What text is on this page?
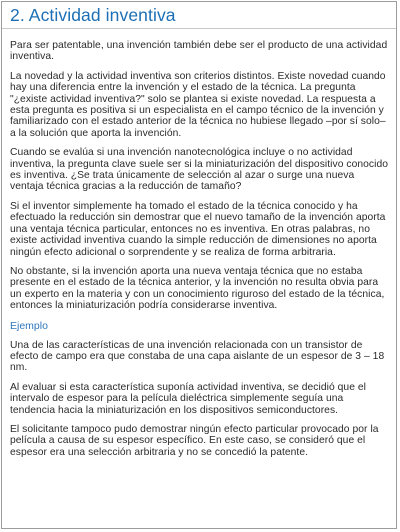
2. Actividad inventiva

Para ser patentable, una invención también debe ser el producto de una actividad inventiva.

La novedad y la actividad inventiva son criterios distintos. Existe novedad cuando hay una diferencia entre la invención y el estado de la técnica. La pregunta "¿existe actividad inventiva?" solo se plantea si existe novedad. La respuesta a esta pregunta es positiva si un especialista en el campo técnico de la invención y familiarizado con el estado anterior de la técnica no hubiese llegado –por sí solo– a la solución que aporta la invención.

Cuando se evalúa si una invención nanotecnológica incluye o no actividad inventiva, la pregunta clave suele ser si la miniaturización del dispositivo conocido es inventiva. ¿Se trata únicamente de selección al azar o surge una nueva ventaja técnica gracias a la reducción de tamaño?

Si el inventor simplemente ha tomado el estado de la técnica conocido y ha efectuado la reducción sin demostrar que el nuevo tamaño de la invención aporta una ventaja técnica particular, entonces no es inventiva. En otras palabras, no existe actividad inventiva cuando la simple reducción de dimensiones no aporta ningún efecto adicional o sorprendente y se realiza de forma arbitraria.

No obstante, si la invención aporta una nueva ventaja técnica que no estaba presente en el estado de la técnica anterior, y la invención no resulta obvia para un experto en la materia y con un conocimiento riguroso del estado de la técnica, entonces la miniaturización podría considerarse inventiva.

Ejemplo

Una de las características de una invención relacionada con un transistor de efecto de campo era que constaba de una capa aislante de un espesor de 3 – 18 nm.

Al evaluar si esta característica suponía actividad inventiva, se decidió que el intervalo de espesor para la película dieléctrica simplemente seguía una tendencia hacia la miniaturización en los dispositivos semiconductores.

El solicitante tampoco pudo demostrar ningún efecto particular provocado por la película a causa de su espesor específico. En este caso, se consideró que el espesor era una selección arbitraria y no se concedió la patente.
